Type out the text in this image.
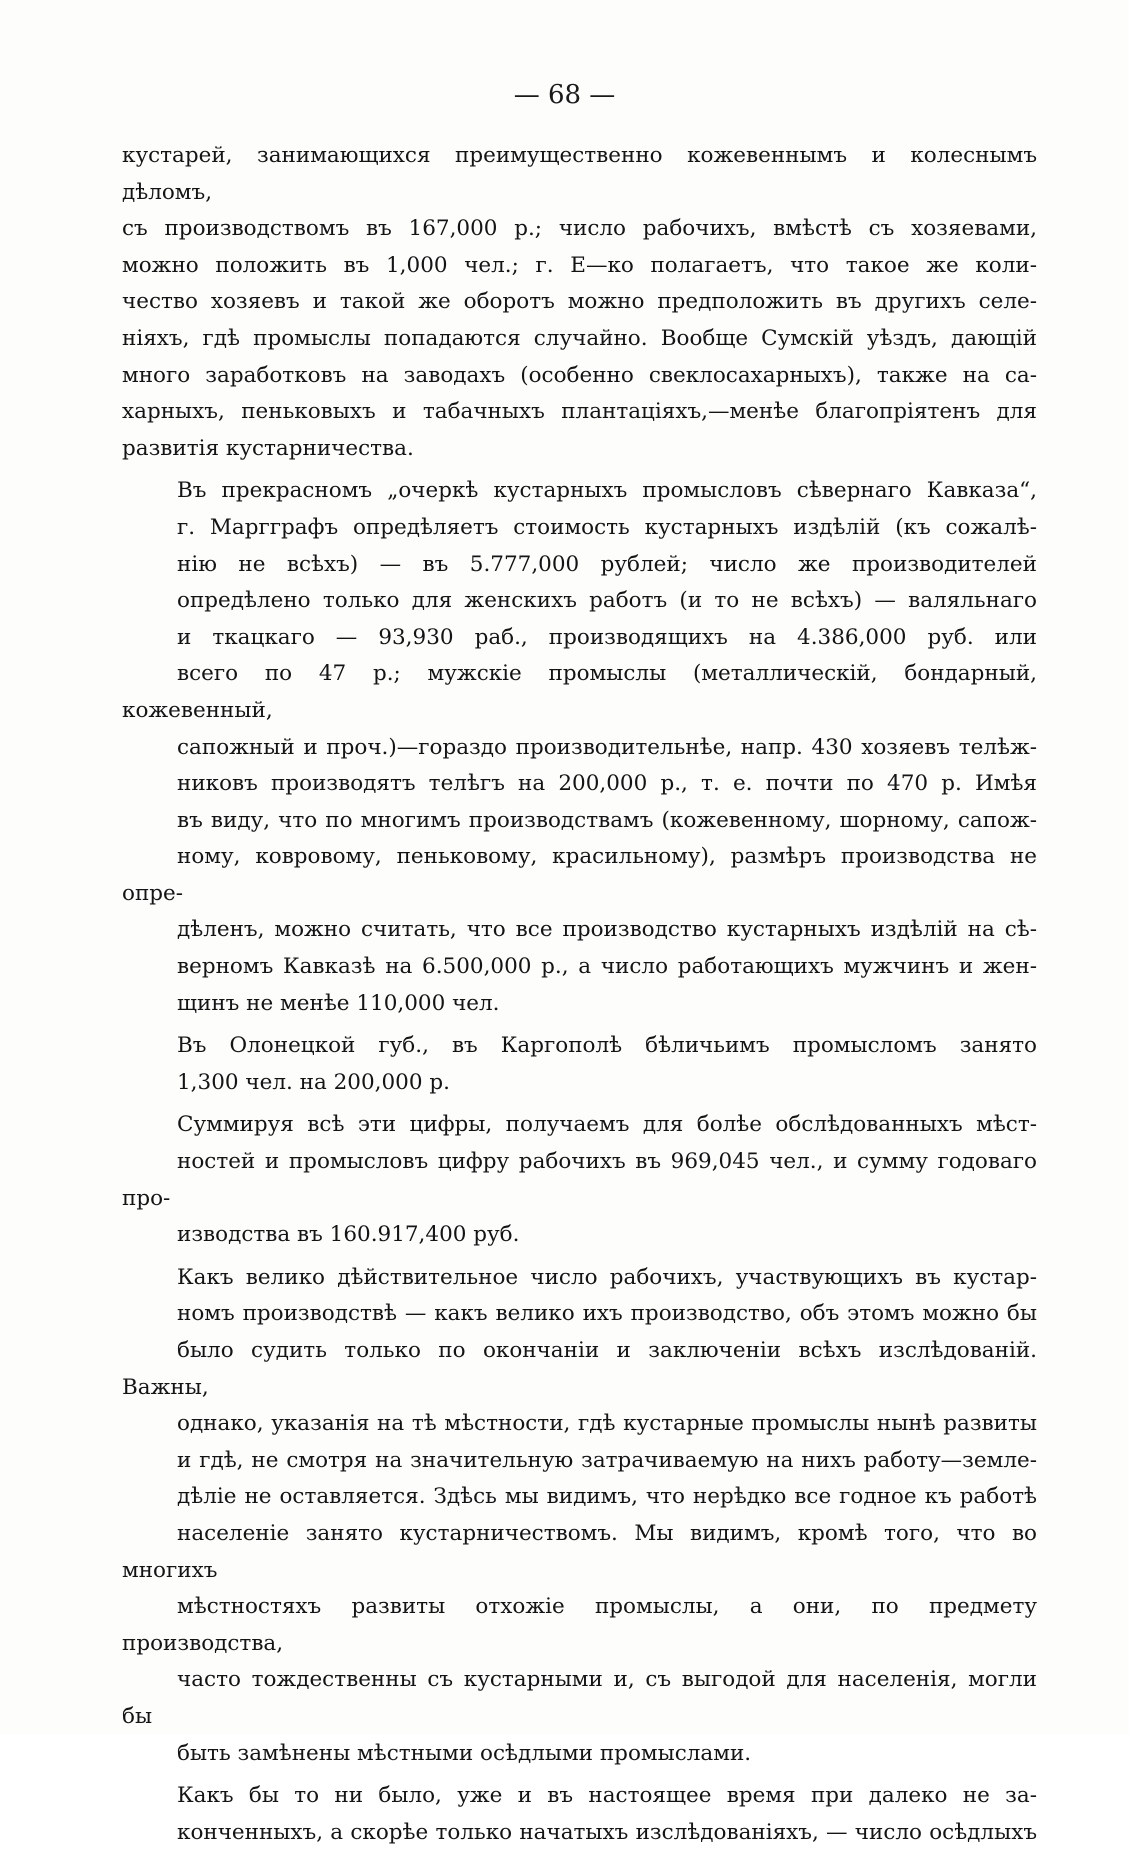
— 68 —

кустарей, занимающихся преимущественно кожевеннымъ и колеснымъ дѣломъ,
съ производствомъ въ 167,000 р.; число рабочихъ, вмѣстѣ съ хозяевами,
можно положить въ 1,000 чел.; г. Е—ко полагаетъ, что такое же коли-
чество хозяевъ и такой же оборотъ можно предположить въ другихъ селе-
ніяхъ, гдѣ промыслы попадаются случайно. Вообще Сумскій уѣздъ, дающій
много заработковъ на заводахъ (особенно свеклосахарныхъ), также на са-
харныхъ, пеньковыхъ и табачныхъ плантаціяхъ,—менѣе благопріятенъ для
развитія кустарничества.

Въ прекрасномъ „очеркѣ кустарныхъ промысловъ сѣвернаго Кавказа“,
г. Маргграфъ опредѣляетъ стоимость кустарныхъ издѣлій (къ сожалѣ-
нію не всѣхъ) — въ 5.777,000 рублей; число же производителей
опредѣлено только для женскихъ работъ (и то не всѣхъ) — валяльнаго
и ткацкаго — 93,930 раб., производящихъ на 4.386,000 руб. или
всего по 47 р.; мужскіе промыслы (металлическій, бондарный, кожевенный,
сапожный и проч.)—гораздо производительнѣе, напр. 430 хозяевъ телѣж-
никовъ производятъ телѣгъ на 200,000 р., т. е. почти по 470 р. Имѣя
въ виду, что по многимъ производствамъ (кожевенному, шорному, сапож-
ному, ковровому, пеньковому, красильному), размѣръ производства не опре-
дѣленъ, можно считать, что все производство кустарныхъ издѣлій на сѣ-
верномъ Кавказѣ на 6.500,000 р., а число работающихъ мужчинъ и жен-
щинъ не менѣе 110,000 чел.

Въ Олонецкой губ., въ Каргополѣ бѣличьимъ промысломъ занято
1,300 чел. на 200,000 р.

Суммируя всѣ эти цифры, получаемъ для болѣе обслѣдованныхъ мѣст-
ностей и промысловъ цифру рабочихъ въ 969,045 чел., и сумму годоваго про-
изводства въ 160.917,400 руб.

Какъ велико дѣйствительное число рабочихъ, участвующихъ въ кустар-
номъ производствѣ — какъ велико ихъ производство, объ этомъ можно бы
было судить только по окончаніи и заключеніи всѣхъ изслѣдованій. Важны,
однако, указанія на тѣ мѣстности, гдѣ кустарные промыслы нынѣ развиты
и гдѣ, не смотря на значительную затрачиваемую на нихъ работу—земле-
дѣліе не оставляется. Здѣсь мы видимъ, что нерѣдко все годное къ работѣ
населеніе занято кустарничествомъ. Мы видимъ, кромѣ того, что во многихъ
мѣстностяхъ развиты отхожіе промыслы, а они, по предмету производства,
часто тождественны съ кустарными и, съ выгодой для населенія, могли бы
быть замѣнены мѣстными осѣдлыми промыслами.

Какъ бы то ни было, уже и въ настоящее время при далеко не за-
конченныхъ, а скорѣе только начатыхъ изслѣдованіяхъ, — число осѣдлыхъ
